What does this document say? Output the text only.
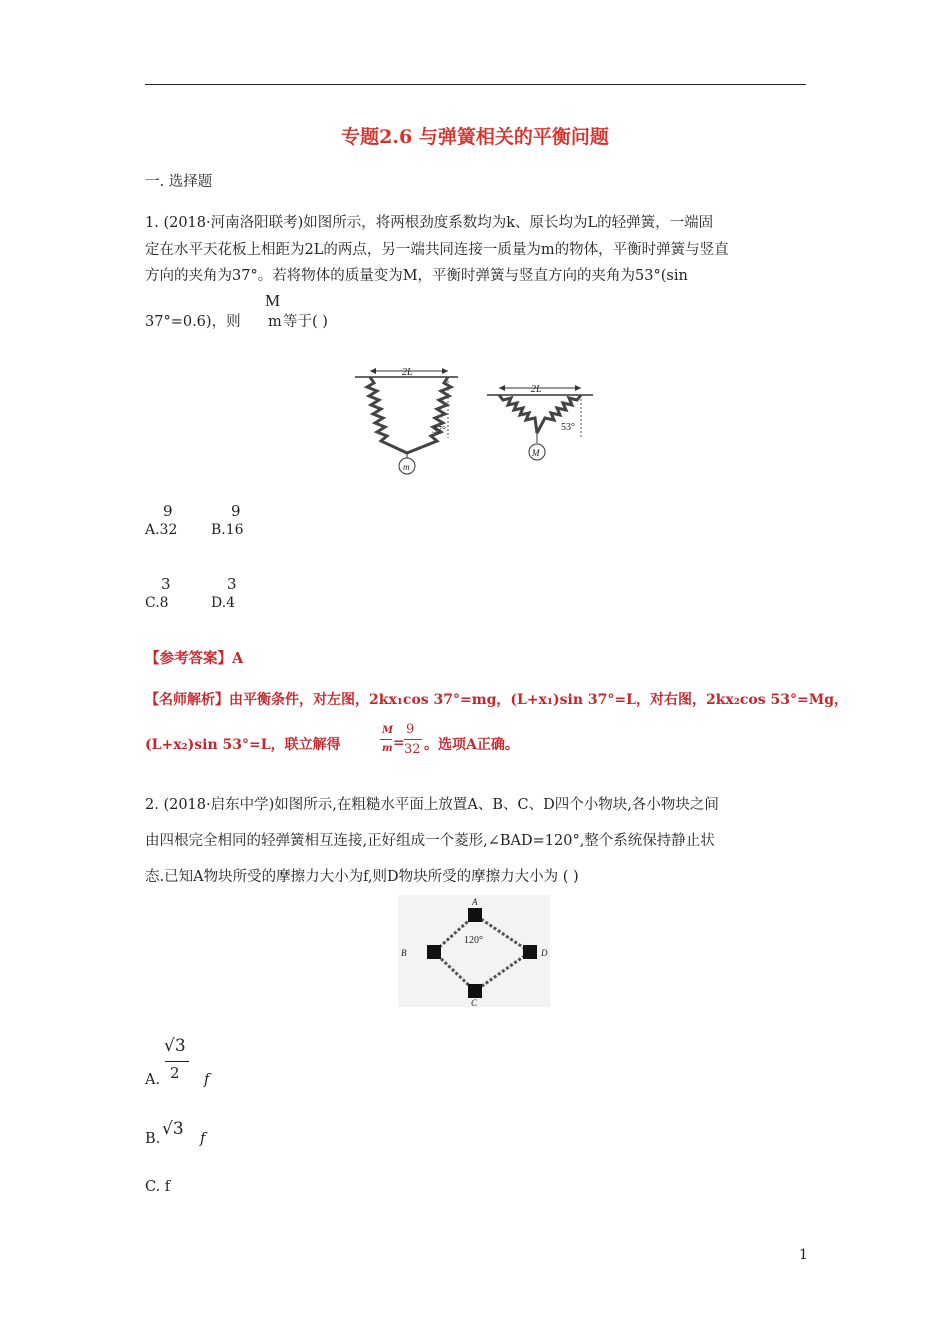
专题2.6 与弹簧相关的平衡问题
一. 选择题
1. (2018·河南洛阳联考)如图所示，将两根劲度系数均为k、原长均为L的轻弹簧，一端固
定在水平天花板上相距为2L的两点，另一端共同连接一质量为m的物体，平衡时弹簧与竖直
方向的夹角为37°。若将物体的质量变为M，平衡时弹簧与竖直方向的夹角为53°(sin
M
37°=0.6)，则 m 等于( )
2L
37°
m
2L
53°
M
9
A.32
9
B.16
3
C.8
3
D.4
【参考答案】A
【名师解析】由平衡条件，对左图，2kx₁cos 37°=mg，(L+x₁)sin 37°=L，对右图，2kx₂cos 53°=Mg，
(L+x₂)sin 53°=L，联立解得
M
m =
9
32 。选项A正确。
2. (2018·启东中学)如图所示,在粗糙水平面上放置A、B、C、D四个小物块,各小物块之间
由四根完全相同的轻弹簧相互连接,正好组成一个菱形,∠BAD=120°,整个系统保持静止状
态.已知A物块所受的摩擦力大小为f,则D物块所受的摩擦力大小为 ( )
A
B
C
D
120°
A.
√3
2 f
B. √3 f
C. f
1
